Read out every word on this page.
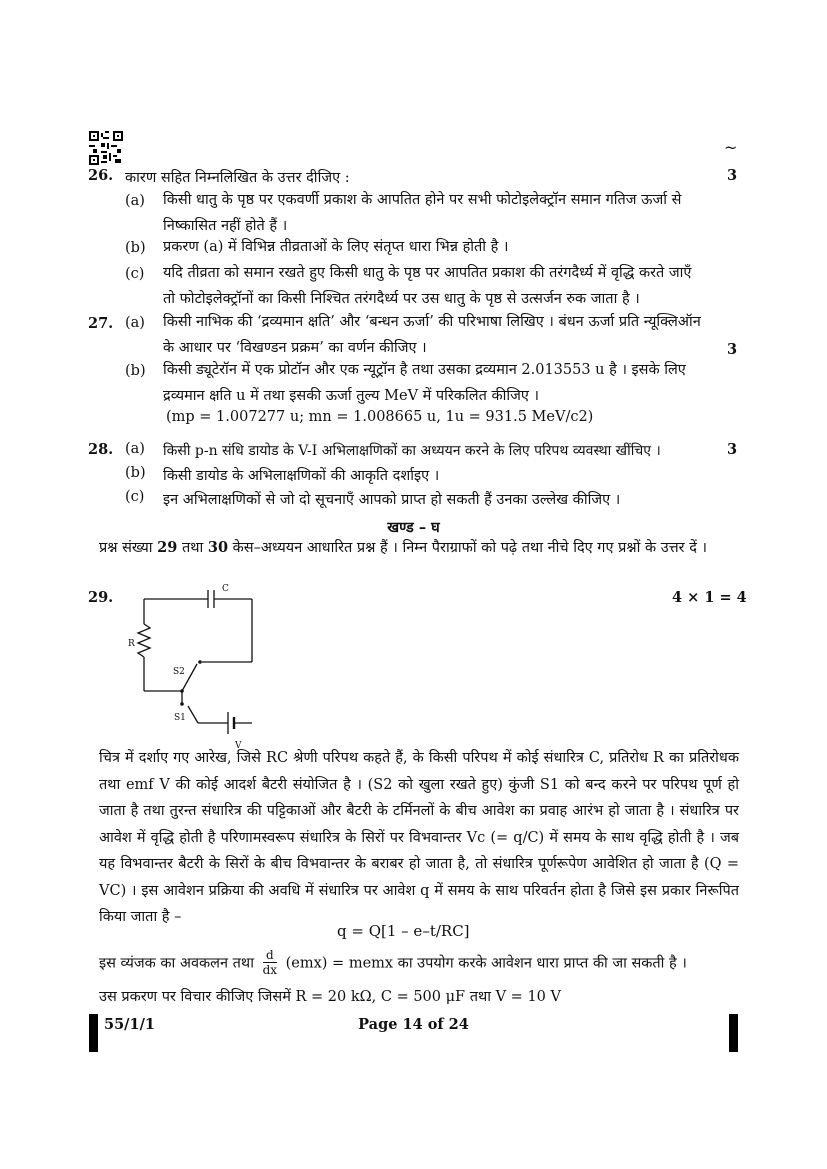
~
26. कारण सहित निम्नलिखित के उत्तर दीजिए :	3
(a) किसी धातु के पृष्ठ पर एकवर्णी प्रकाश के आपतित होने पर सभी फोटोइलेक्ट्रॉन समान गतिज ऊर्जा से निष्कासित नहीं होते हैं ।
(b) प्रकरण (a) में विभिन्न तीव्रताओं के लिए संतृप्त धारा भिन्न होती है ।
(c) यदि तीव्रता को समान रखते हुए किसी धातु के पृष्ठ पर आपतित प्रकाश की तरंगदैर्ध्य में वृद्धि करते जाएँ तो फोटोइलेक्ट्रॉनों का किसी निश्चित तरंगदैर्ध्य पर उस धातु के पृष्ठ से उत्सर्जन रुक जाता है ।
27. (a) किसी नाभिक की ‘द्रव्यमान क्षति’ और ‘बन्धन ऊर्जा’ की परिभाषा लिखिए । बंधन ऊर्जा प्रति न्यूक्लिऑन के आधार पर ‘विखण्डन प्रक्रम’ का वर्णन कीजिए ।	3
(b) किसी ड्यूटेरॉन में एक प्रोटॉन और एक न्यूट्रॉन है तथा उसका द्रव्यमान 2.013553 u है । इसके लिए द्रव्यमान क्षति u में तथा इसकी ऊर्जा तुल्य MeV में परिकलित कीजिए ।
(mp = 1.007277 u; mn = 1.008665 u, 1u = 931.5 MeV/c2)
28. (a) किसी p-n संधि डायोड के V-I अभिलाक्षणिकों का अध्ययन करने के लिए परिपथ व्यवस्था खींचिए ।	3
(b) किसी डायोड के अभिलाक्षणिकों की आकृति दर्शाइए ।
(c) इन अभिलाक्षणिकों से जो दो सूचनाएँ आपको प्राप्त हो सकती हैं उनका उल्लेख कीजिए ।
खण्ड – घ
प्रश्न संख्या 29 तथा 30 केस–अध्ययन आधारित प्रश्न हैं । निम्न पैराग्राफों को पढ़े तथा नीचे दिए गए प्रश्नों के उत्तर दें ।
29.	4 × 1 = 4
C
R
S2
S1
V
चित्र में दर्शाए गए आरेख, जिसे RC श्रेणी परिपथ कहते हैं, के किसी परिपथ में कोई संधारित्र C, प्रतिरोध R का प्रतिरोधक तथा emf V की कोई आदर्श बैटरी संयोजित है । (S2 को खुला रखते हुए) कुंजी S1 को बन्द करने पर परिपथ पूर्ण हो जाता है तथा तुरन्त संधारित्र की पट्टिकाओं और बैटरी के टर्मिनलों के बीच आवेश का प्रवाह आरंभ हो जाता है । संधारित्र पर आवेश में वृद्धि होती है परिणामस्वरूप संधारित्र के सिरों पर विभवान्तर Vc (= q/C) में समय के साथ वृद्धि होती है । जब यह विभवान्तर बैटरी के सिरों के बीच विभवान्तर के बराबर हो जाता है, तो संधारित्र पूर्णरूपेण आवेशित हो जाता है (Q = VC) । इस आवेशन प्रक्रिया की अवधि में संधारित्र पर आवेश q में समय के साथ परिवर्तन होता है जिसे इस प्रकार निरूपित किया जाता है –
q = Q[1 – e–t/RC]
इस व्यंजक का अवकलन तथा $\frac{d}{dx} (emx)$ = memx का उपयोग करके आवेशन धारा प्राप्त की जा सकती है ।
उस प्रकरण पर विचार कीजिए जिसमें R = 20 kΩ, C = 500 μF तथा V = 10 V
55/1/1	Page 14 of 24
